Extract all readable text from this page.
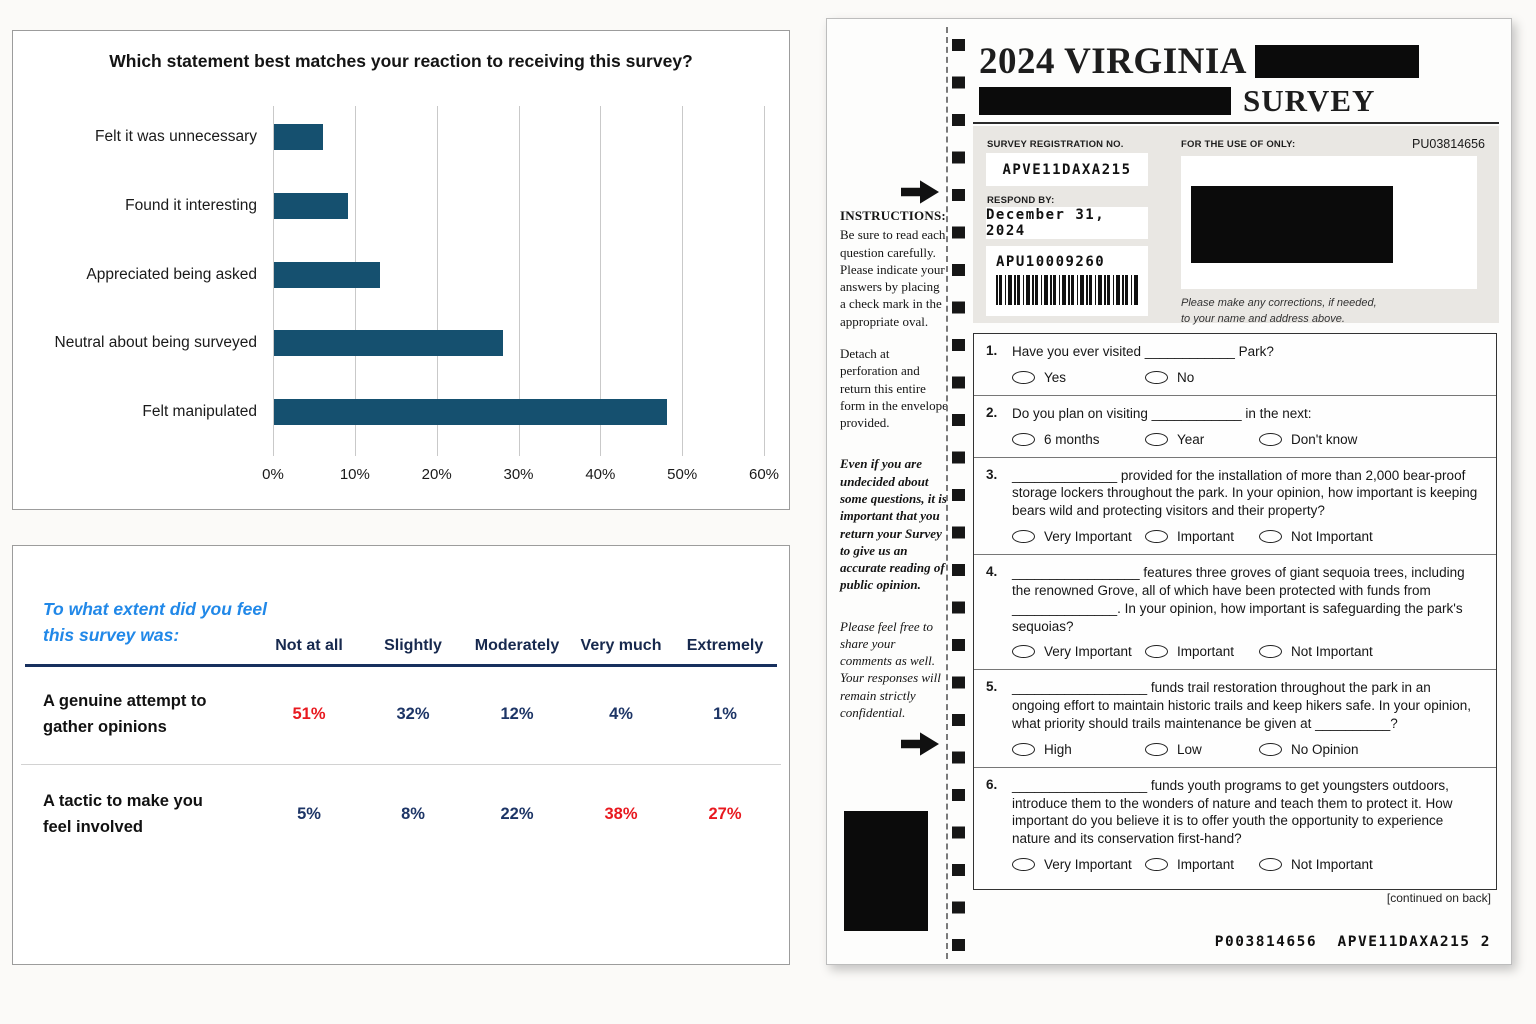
Which statement best matches your reaction to receiving this survey?
Felt it was unnecessary
Found it interesting
Appreciated being asked
Neutral about being surveyed
Felt manipulated
0%	10%	20%	30%	40%	50%	60%
To what extent did you feel this survey was:
Not at all	Slightly	Moderately	Very much	Extremely
A genuine attempt to gather opinions
51%	32%	12%	4%	1%
A tactic to make you feel involved
5%	8%	22%	38%	27%
INSTRUCTIONS:

Be sure to read each question carefully. Please indicate your answers by placing a check mark in the appropriate oval.

Detach at perforation and return this entire form in the envelope provided.

Even if you are undecided about some questions, it is important that you return your Survey to give us an accurate reading of public opinion.

Please feel free to share your comments as well. Your responses will remain strictly confidential.

2024 VIRGINIA
SURVEY
SURVEY REGISTRATION NO.
APVE11DAXA215
RESPOND BY:
December 31, 2024
APU10009260
FOR THE USE OF ONLY:	PU03814656
Please make any corrections, if needed,
to your name and address above.
1.	Have you ever visited ____________ Park?
Yes	No
2.	Do you plan on visiting ____________ in the next:
6 months	Year	Don't know
3.	______________ provided for the installation of more than 2,000 bear-proof storage lockers throughout the park. In your opinion, how important is keeping bears wild and protecting visitors and their property?
Very Important	Important	Not Important
4.	_________________ features three groves of giant sequoia trees, including the renowned Grove, all of which have been protected with funds from ______________. In your opinion, how important is safeguarding the park's sequoias?
Very Important	Important	Not Important
5.	__________________ funds trail restoration throughout the park in an ongoing effort to maintain historic trails and keep hikers safe. In your opinion, what priority should trails maintenance be given at __________?
High	Low	No Opinion
6.	__________________ funds youth programs to get youngsters outdoors, introduce them to the wonders of nature and teach them to protect it. How important do you believe it is to offer youth the opportunity to experience nature and its conservation first-hand?
Very Important	Important	Not Important
[continued on back]
P003814656  APVE11DAXA215 2
